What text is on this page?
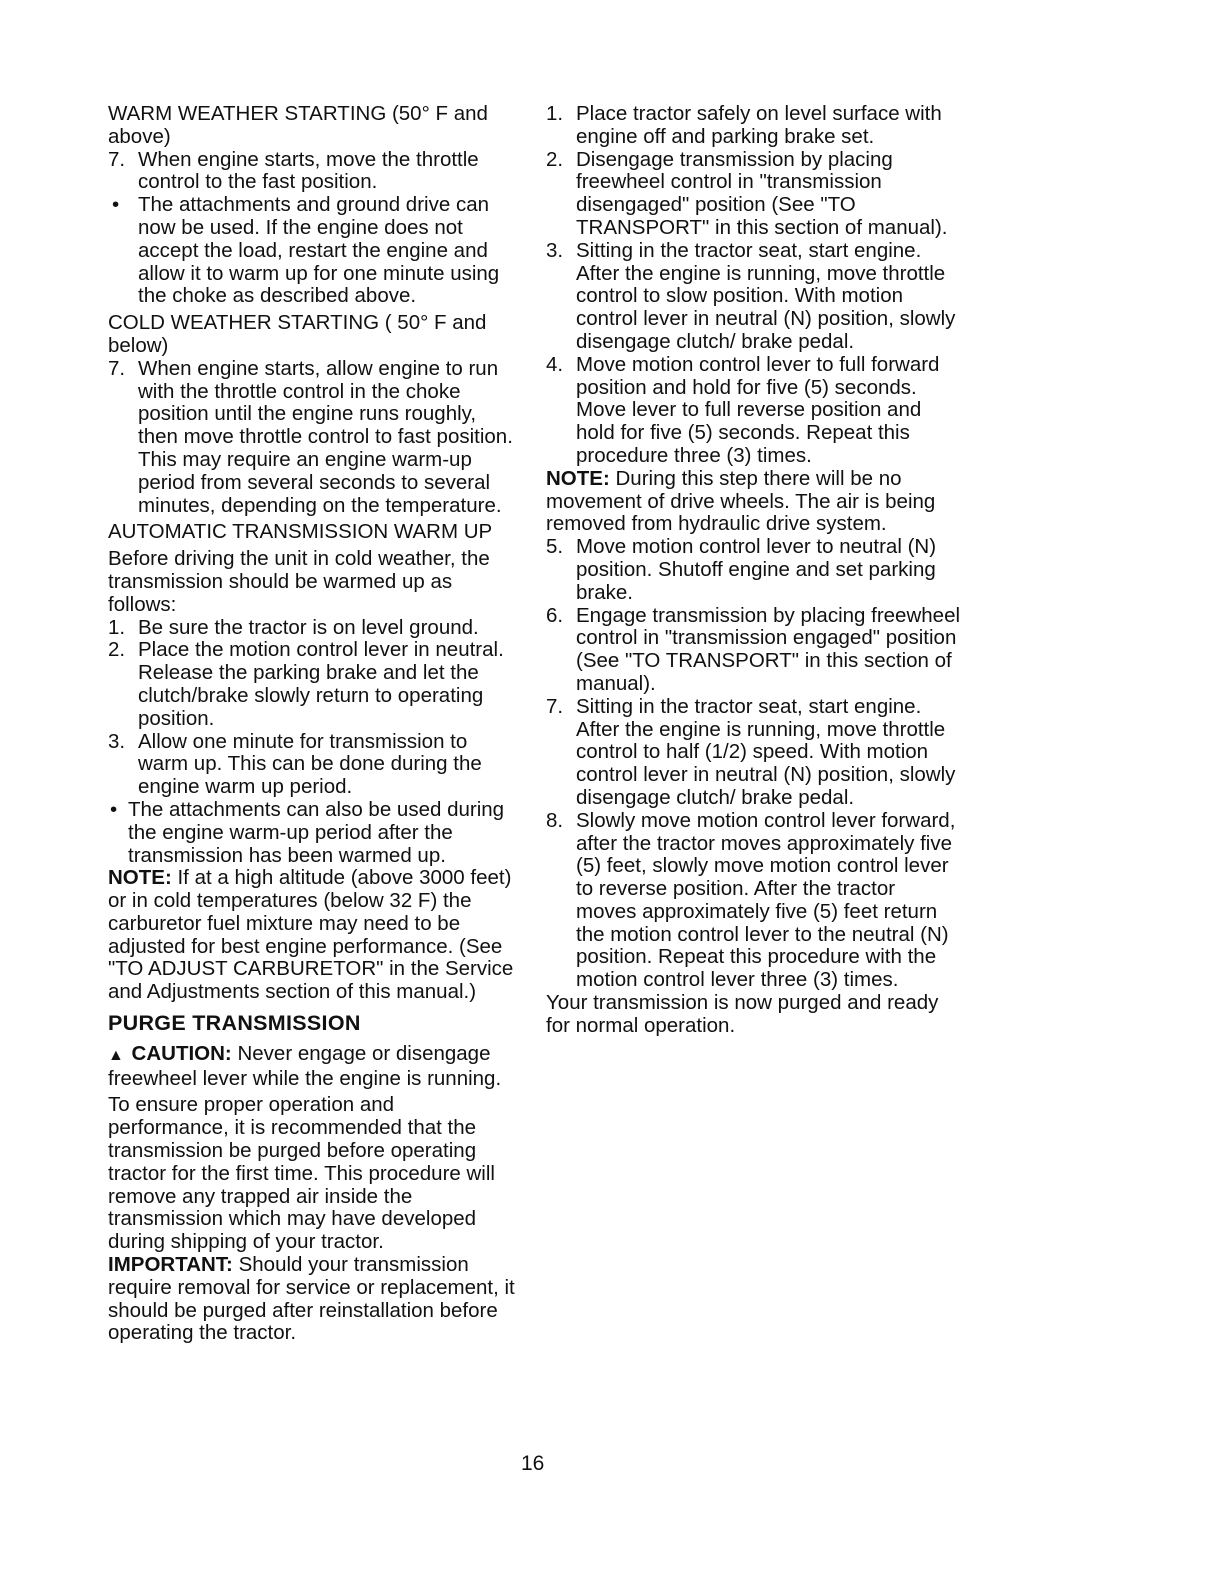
WARM WEATHER STARTING (50° F and above)

7. When engine starts, move the throttle control to the fast position.
•
The attachments and ground drive can now be used. If the engine does not accept the load, restart the engine and allow it to warm up for one minute using the choke as described above.

COLD WEATHER STARTING ( 50° F and below)

7. When engine starts, allow engine to run with the throttle control in the choke position until the engine runs roughly, then move throttle control to fast position. This may require an engine warm-up period from several seconds to several minutes, depending on the temperature.

AUTOMATIC TRANSMISSION WARM UP

Before driving the unit in cold weather, the transmission should be warmed up as follows:

1. Be sure the tractor is on level ground.
2. Place the motion control lever in neutral. Release the parking brake and let the clutch/brake slowly return to operating position.
3. Allow one minute for transmission to warm up. This can be done during the engine warm up period.
•
The attachments can also be used during the engine warm-up period after the transmission has been warmed up.

NOTE: If at a high altitude (above 3000 feet) or in cold temperatures (below 32 F) the carburetor fuel mixture may need to be adjusted for best engine performance. (See "TO ADJUST CARBURETOR" in the Service and Adjustments section of this manual.)

PURGE TRANSMISSION

▲ CAUTION: Never engage or disengage freewheel lever while the engine is running.

To ensure proper operation and performance, it is recommended that the transmission be purged before operating tractor for the first time. This procedure will remove any trapped air inside the transmission which may have developed during shipping of your tractor.

IMPORTANT: Should your transmission require removal for service or replacement, it should be purged after reinstallation before operating the tractor.

1. Place tractor safely on level surface with engine off and parking brake set.
2. Disengage transmission by placing freewheel control in "transmission disengaged" position (See "TO TRANSPORT" in this section of manual).
3. Sitting in the tractor seat, start engine. After the engine is running, move throttle control to slow position. With motion control lever in neutral (N) position, slowly disengage clutch/ brake pedal.
4. Move motion control lever to full forward position and hold for five (5) seconds. Move lever to full reverse position and hold for five (5) seconds. Repeat this procedure three (3) times.

NOTE: During this step there will be no movement of drive wheels. The air is being removed from hydraulic drive system.

5. Move motion control lever to neutral (N) position. Shutoff engine and set parking brake.
6. Engage transmission by placing freewheel control in "transmission engaged" position (See "TO TRANSPORT" in this section of manual).
7. Sitting in the tractor seat, start engine. After the engine is running, move throttle control to half (1/2) speed. With motion control lever in neutral (N) position, slowly disengage clutch/ brake pedal.
8. Slowly move motion control lever forward, after the tractor moves approximately five (5) feet, slowly move motion control lever to reverse position. After the tractor moves approximately five (5) feet return the motion control lever to the neutral (N) position. Repeat this procedure with the motion control lever three (3) times.

Your transmission is now purged and ready for normal operation.

16
